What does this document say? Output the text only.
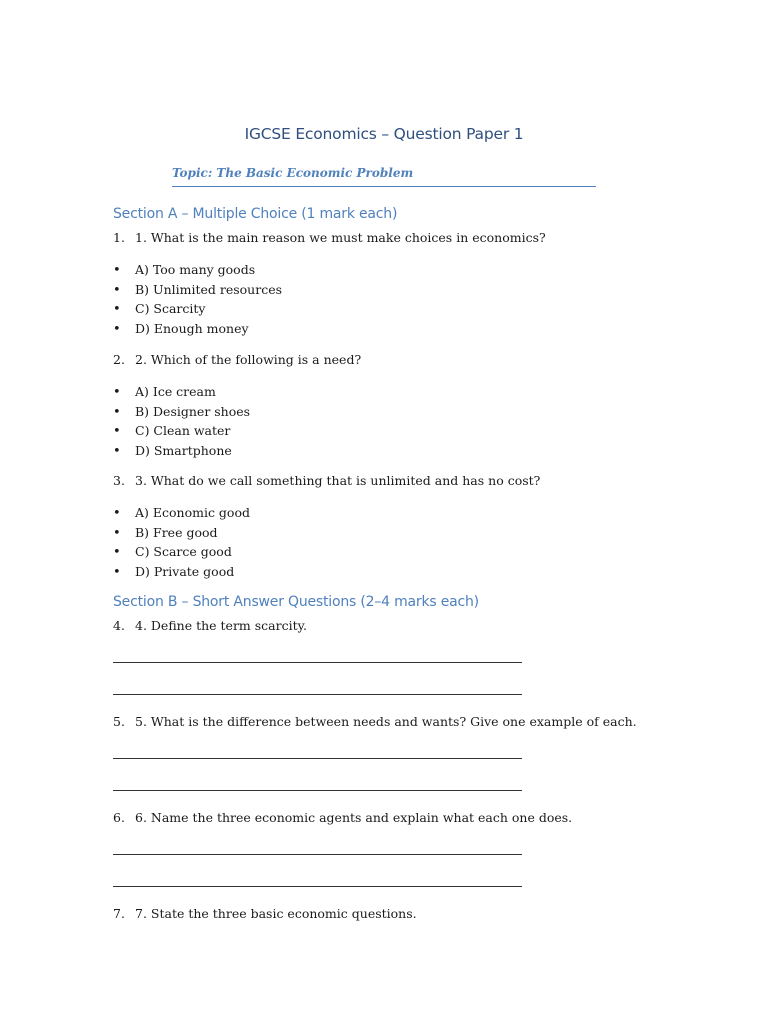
IGCSE Economics – Question Paper 1
Topic: The Basic Economic Problem
Section A – Multiple Choice (1 mark each)
1. 1. What is the main reason we must make choices in economics?
• A) Too many goods
• B) Unlimited resources
• C) Scarcity
• D) Enough money
2. 2. Which of the following is a need?
• A) Ice cream
• B) Designer shoes
• C) Clean water
• D) Smartphone
3. 3. What do we call something that is unlimited and has no cost?
• A) Economic good
• B) Free good
• C) Scarce good
• D) Private good
Section B – Short Answer Questions (2–4 marks each)
4. 4. Define the term scarcity.
5. 5. What is the difference between needs and wants? Give one example of each.
6. 6. Name the three economic agents and explain what each one does.
7. 7. State the three basic economic questions.
